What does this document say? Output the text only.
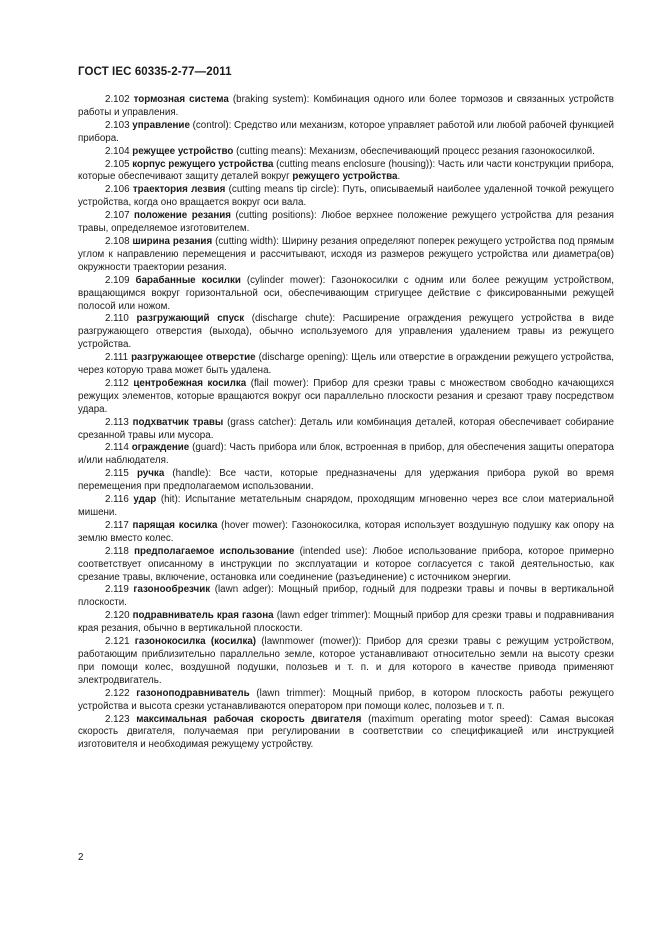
ГОСТ IEC 60335-2-77—2011

2.102 тормозная система (braking system): Комбинация одного или более тормозов и связанных устройств работы и управления.

2.103 управление (control): Средство или механизм, которое управляет работой или любой рабочей функцией прибора.

2.104 режущее устройство (cutting means): Механизм, обеспечивающий процесс резания газонокосилкой.

2.105 корпус режущего устройства (cutting means enclosure (housing)): Часть или части конструкции прибора, которые обеспечивают защиту деталей вокруг режущего устройства.

2.106 траектория лезвия (cutting means tip circle): Путь, описываемый наиболее удаленной точкой режущего устройства, когда оно вращается вокруг оси вала.

2.107 положение резания (cutting positions): Любое верхнее положение режущего устройства для резания травы, определяемое изготовителем.

2.108 ширина резания (cutting width): Ширину резания определяют поперек режущего устройства под прямым углом к направлению перемещения и рассчитывают, исходя из размеров режущего устройства или диаметра(ов) окружности траектории резания.

2.109 барабанные косилки (cylinder mower): Газонокосилки с одним или более режущим устройством, вращающимся вокруг горизонтальной оси, обеспечивающим стригущее действие с фиксированными режущей полосой или ножом.

2.110 разгружающий спуск (discharge chute): Расширение ограждения режущего устройства в виде разгружающего отверстия (выхода), обычно используемого для управления удалением травы из режущего устройства.

2.111 разгружающее отверстие (discharge opening): Щель или отверстие в ограждении режущего устройства, через которую трава может быть удалена.

2.112 центробежная косилка (flail mower): Прибор для срезки травы с множеством свободно качающихся режущих элементов, которые вращаются вокруг оси параллельно плоскости резания и срезают траву посредством удара.

2.113 подхватчик травы (grass catcher): Деталь или комбинация деталей, которая обеспечивает собирание срезанной травы или мусора.

2.114 ограждение (guard): Часть прибора или блок, встроенная в прибор, для обеспечения защиты оператора и/или наблюдателя.

2.115 ручка (handle): Все части, которые предназначены для удержания прибора рукой во время перемещения при предполагаемом использовании.

2.116 удар (hit): Испытание метательным снарядом, проходящим мгновенно через все слои материальной мишени.

2.117 парящая косилка (hover mower): Газонокосилка, которая использует воздушную подушку как опору на землю вместо колес.

2.118 предполагаемое использование (intended use): Любое использование прибора, которое примерно соответствует описанному в инструкции по эксплуатации и которое согласуется с такой деятельностью, как срезание травы, включение, остановка или соединение (разъединение) с источником энергии.

2.119 газонообрезчик (lawn adger): Мощный прибор, годный для подрезки травы и почвы в вертикальной плоскости.

2.120 подравниватель края газона (lawn edger trimmer): Мощный прибор для срезки травы и подравнивания края резания, обычно в вертикальной плоскости.

2.121 газонокосилка (косилка) (lawnmower (mower)): Прибор для срезки травы с режущим устройством, работающим приблизительно параллельно земле, которое устанавливают относительно земли на высоту срезки при помощи колес, воздушной подушки, полозьев и т. п. и для которого в качестве привода применяют электродвигатель.

2.122 газоноподравниватель (lawn trimmer): Мощный прибор, в котором плоскость работы режущего устройства и высота срезки устанавливаются оператором при помощи колес, полозьев и т. п.

2.123 максимальная рабочая скорость двигателя (maximum operating motor speed): Самая высокая скорость двигателя, получаемая при регулировании в соответствии со спецификацией или инструкцией изготовителя и необходимая режущему устройству.

2
